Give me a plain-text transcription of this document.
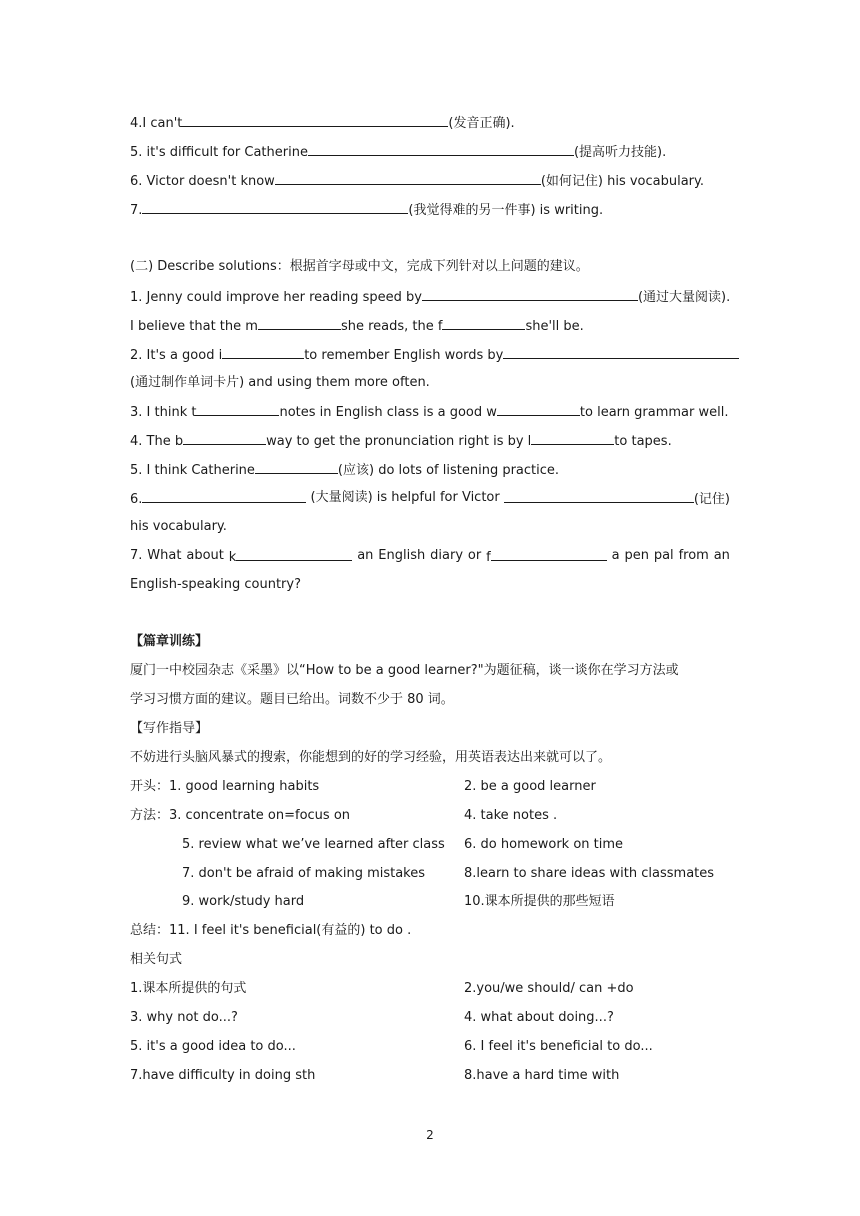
4.I can't	(发音正确).
5. it's difficult for Catherine	(提高听力技能).
6. Victor doesn't know	(如何记住) his vocabulary.
7.	(我觉得难的另一件事) is writing.
(二) Describe solutions：根据首字母或中文，完成下列针对以上问题的建议。
1. Jenny could improve her reading speed by	(通过大量阅读).
I believe that the m	she reads, the f	she'll be.
2. It's a good i	to remember English words by
(通过制作单词卡片) and using them more often.
3. I think t	notes in English class is a good w	to learn grammar well.
4. The b	way to get the pronunciation right is by l	to tapes.
5. I think Catherine	(应该) do lots of listening practice.
6.	(大量阅读) is helpful for Victor	(记住)
his vocabulary.
7. What about k	an English diary or f	a pen pal from an
English-speaking country?
【篇章训练】
厦门一中校园杂志《采墨》以“How to be a good learner?"为题征稿，谈一谈你在学习方法或
学习习惯方面的建议。题目已给出。词数不少于 80 词。
【写作指导】
不妨进行头脑风暴式的搜索，你能想到的好的学习经验，用英语表达出来就可以了。
开头：1. good learning habits	2. be a good learner
方法：3. concentrate on=focus on	4. take notes .
5. review what we’ve learned after class 6. do homework on time
7. don't be afraid of making mistakes	8.learn to share ideas with classmates
9. work/study hard	10.课本所提供的那些短语
总结：11. I feel it's beneficial(有益的) to do .
相关句式
1.课本所提供的句式	2.you/we should/ can +do
3. why not do...?	4. what about doing...?
5. it's a good idea to do...	6. I feel it's beneficial to do...
7.have difficulty in doing sth	8.have a hard time with
2
